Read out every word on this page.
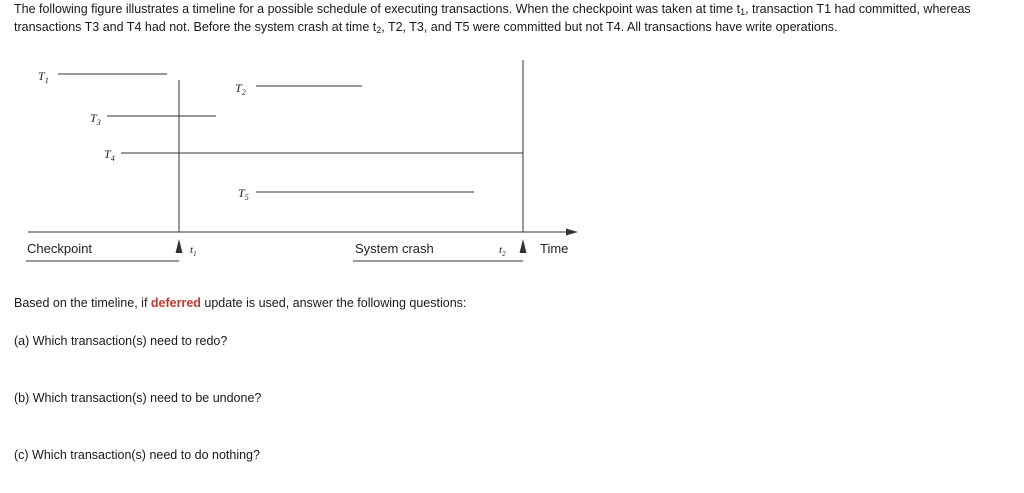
The following figure illustrates a timeline for a possible schedule of executing transactions. When the checkpoint was taken at time $t_1$, transaction T1 had committed, whereas transactions T3 and T4 had not. Before the system crash at time $t_2$, T2, T3, and T5 were committed but not T4. All transactions have write operations.

$T_1$
$T_2$
$T_3$
$T_4$
$T_5$
Checkpoint	$t_1$	System crash	$t_2$	Time

Based on the timeline, if deferred update is used, answer the following questions:

(a) Which transaction(s) need to redo?

(b) Which transaction(s) need to be undone?

(c) Which transaction(s) need to do nothing?
